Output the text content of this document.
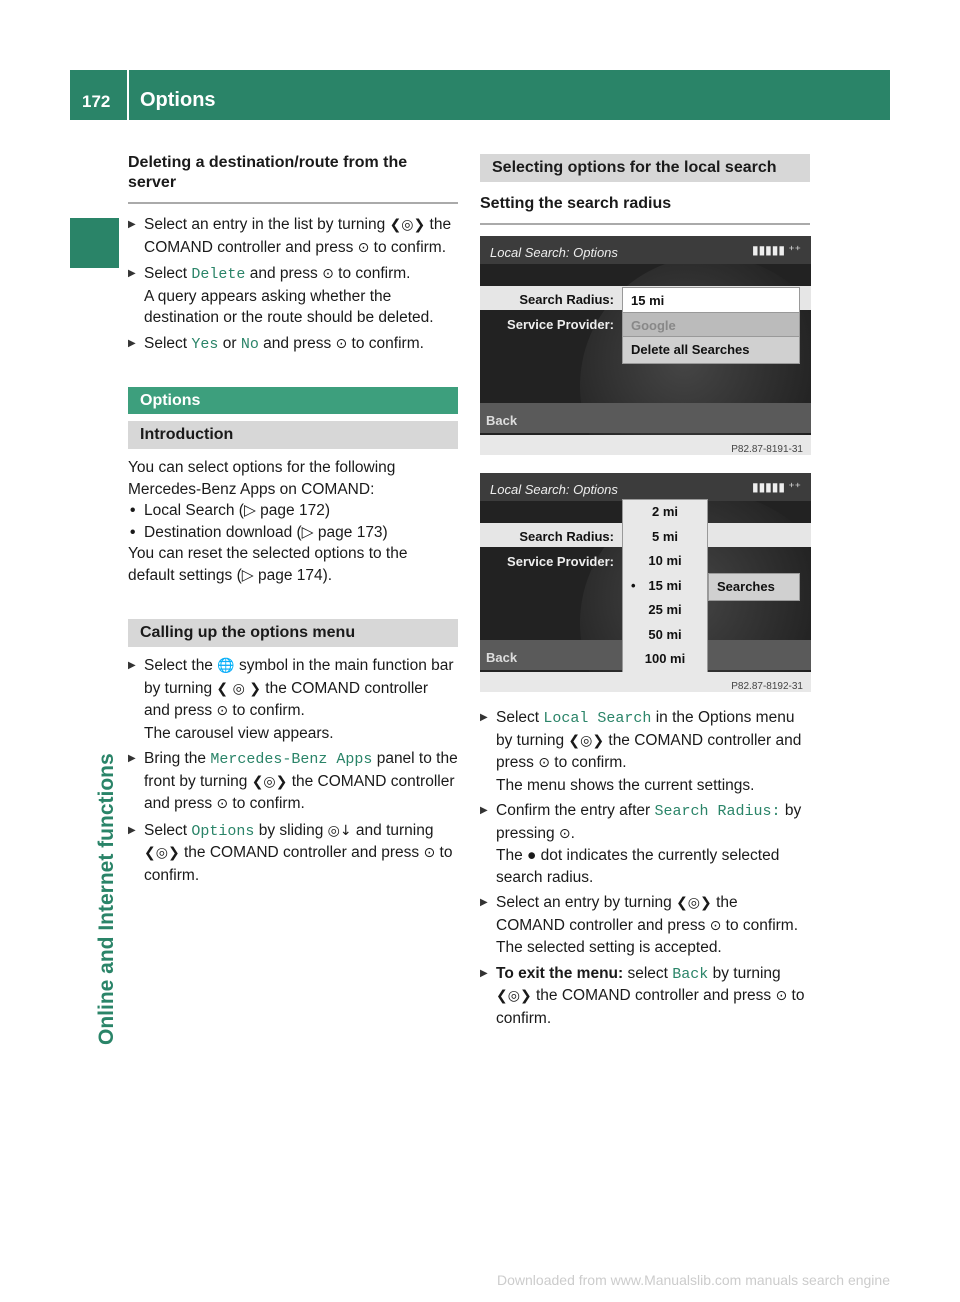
172 Options
Online and Internet functions
Deleting a destination/route from the server
▶ Select an entry in the list by turning ❮◎❯ the COMAND controller and press ⊙ to confirm.
▶ Select Delete and press ⊙ to confirm.
A query appears asking whether the destination or the route should be deleted.
▶ Select Yes or No and press ⊙ to confirm.
Options
Introduction
You can select options for the following Mercedes-Benz Apps on COMAND:
• Local Search (▷ page 172)
• Destination download (▷ page 173)
You can reset the selected options to the default settings (▷ page 174).
Calling up the options menu
▶ Select the 🌐 symbol in the main function bar by turning ❮ ◎ ❯ the COMAND controller and press ⊙ to confirm.
The carousel view appears.
▶ Bring the Mercedes-Benz Apps panel to the front by turning ❮◎❯ the COMAND controller and press ⊙ to confirm.
▶ Select Options by sliding ◎↓ and turning ❮◎❯ the COMAND controller and press ⊙ to confirm.
Selecting options for the local search
Setting the search radius
Local Search: Options	▮▮▮▮▮ ⁺⁺
Search Radius:	15 mi
Service Provider:	Google
Delete all Searches
Back
P82.87-8191-31
Local Search: Options	▮▮▮▮▮ ⁺⁺
Search Radius:
Service Provider:
Searches
Back
2 mi
5 mi
10 mi
• 15 mi
25 mi
50 mi
100 mi
P82.87-8192-31
▶ Select Local Search in the Options menu by turning ❮◎❯ the COMAND controller and press ⊙ to confirm.
The menu shows the current settings.
▶ Confirm the entry after Search Radius: by pressing ⊙.
The ● dot indicates the currently selected search radius.
▶ Select an entry by turning ❮◎❯ the COMAND controller and press ⊙ to confirm.
The selected setting is accepted.
▶ To exit the menu: select Back by turning ❮◎❯ the COMAND controller and press ⊙ to confirm.
Downloaded from www.Manualslib.com manuals search engine
